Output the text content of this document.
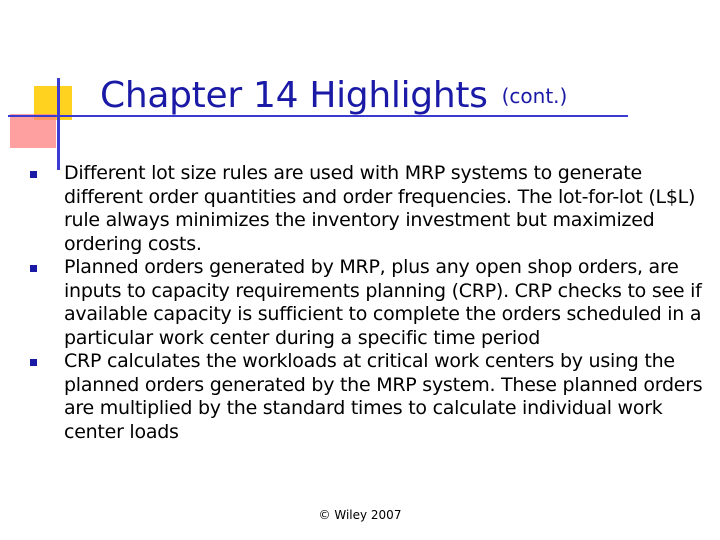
Chapter 14 Highlights (cont.)
Different lot size rules are used with MRP systems to generate different order quantities and order frequencies. The lot-for-lot (L$L) rule always minimizes the inventory investment but maximized ordering costs.
Planned orders generated by MRP, plus any open shop orders, are inputs to capacity requirements planning (CRP). CRP checks to see if available capacity is sufficient to complete the orders scheduled in a particular work center during a specific time period
CRP calculates the workloads at critical work centers by using the planned orders generated by the MRP system. These planned orders are multiplied by the standard times to calculate individual work center loads
© Wiley 2007
